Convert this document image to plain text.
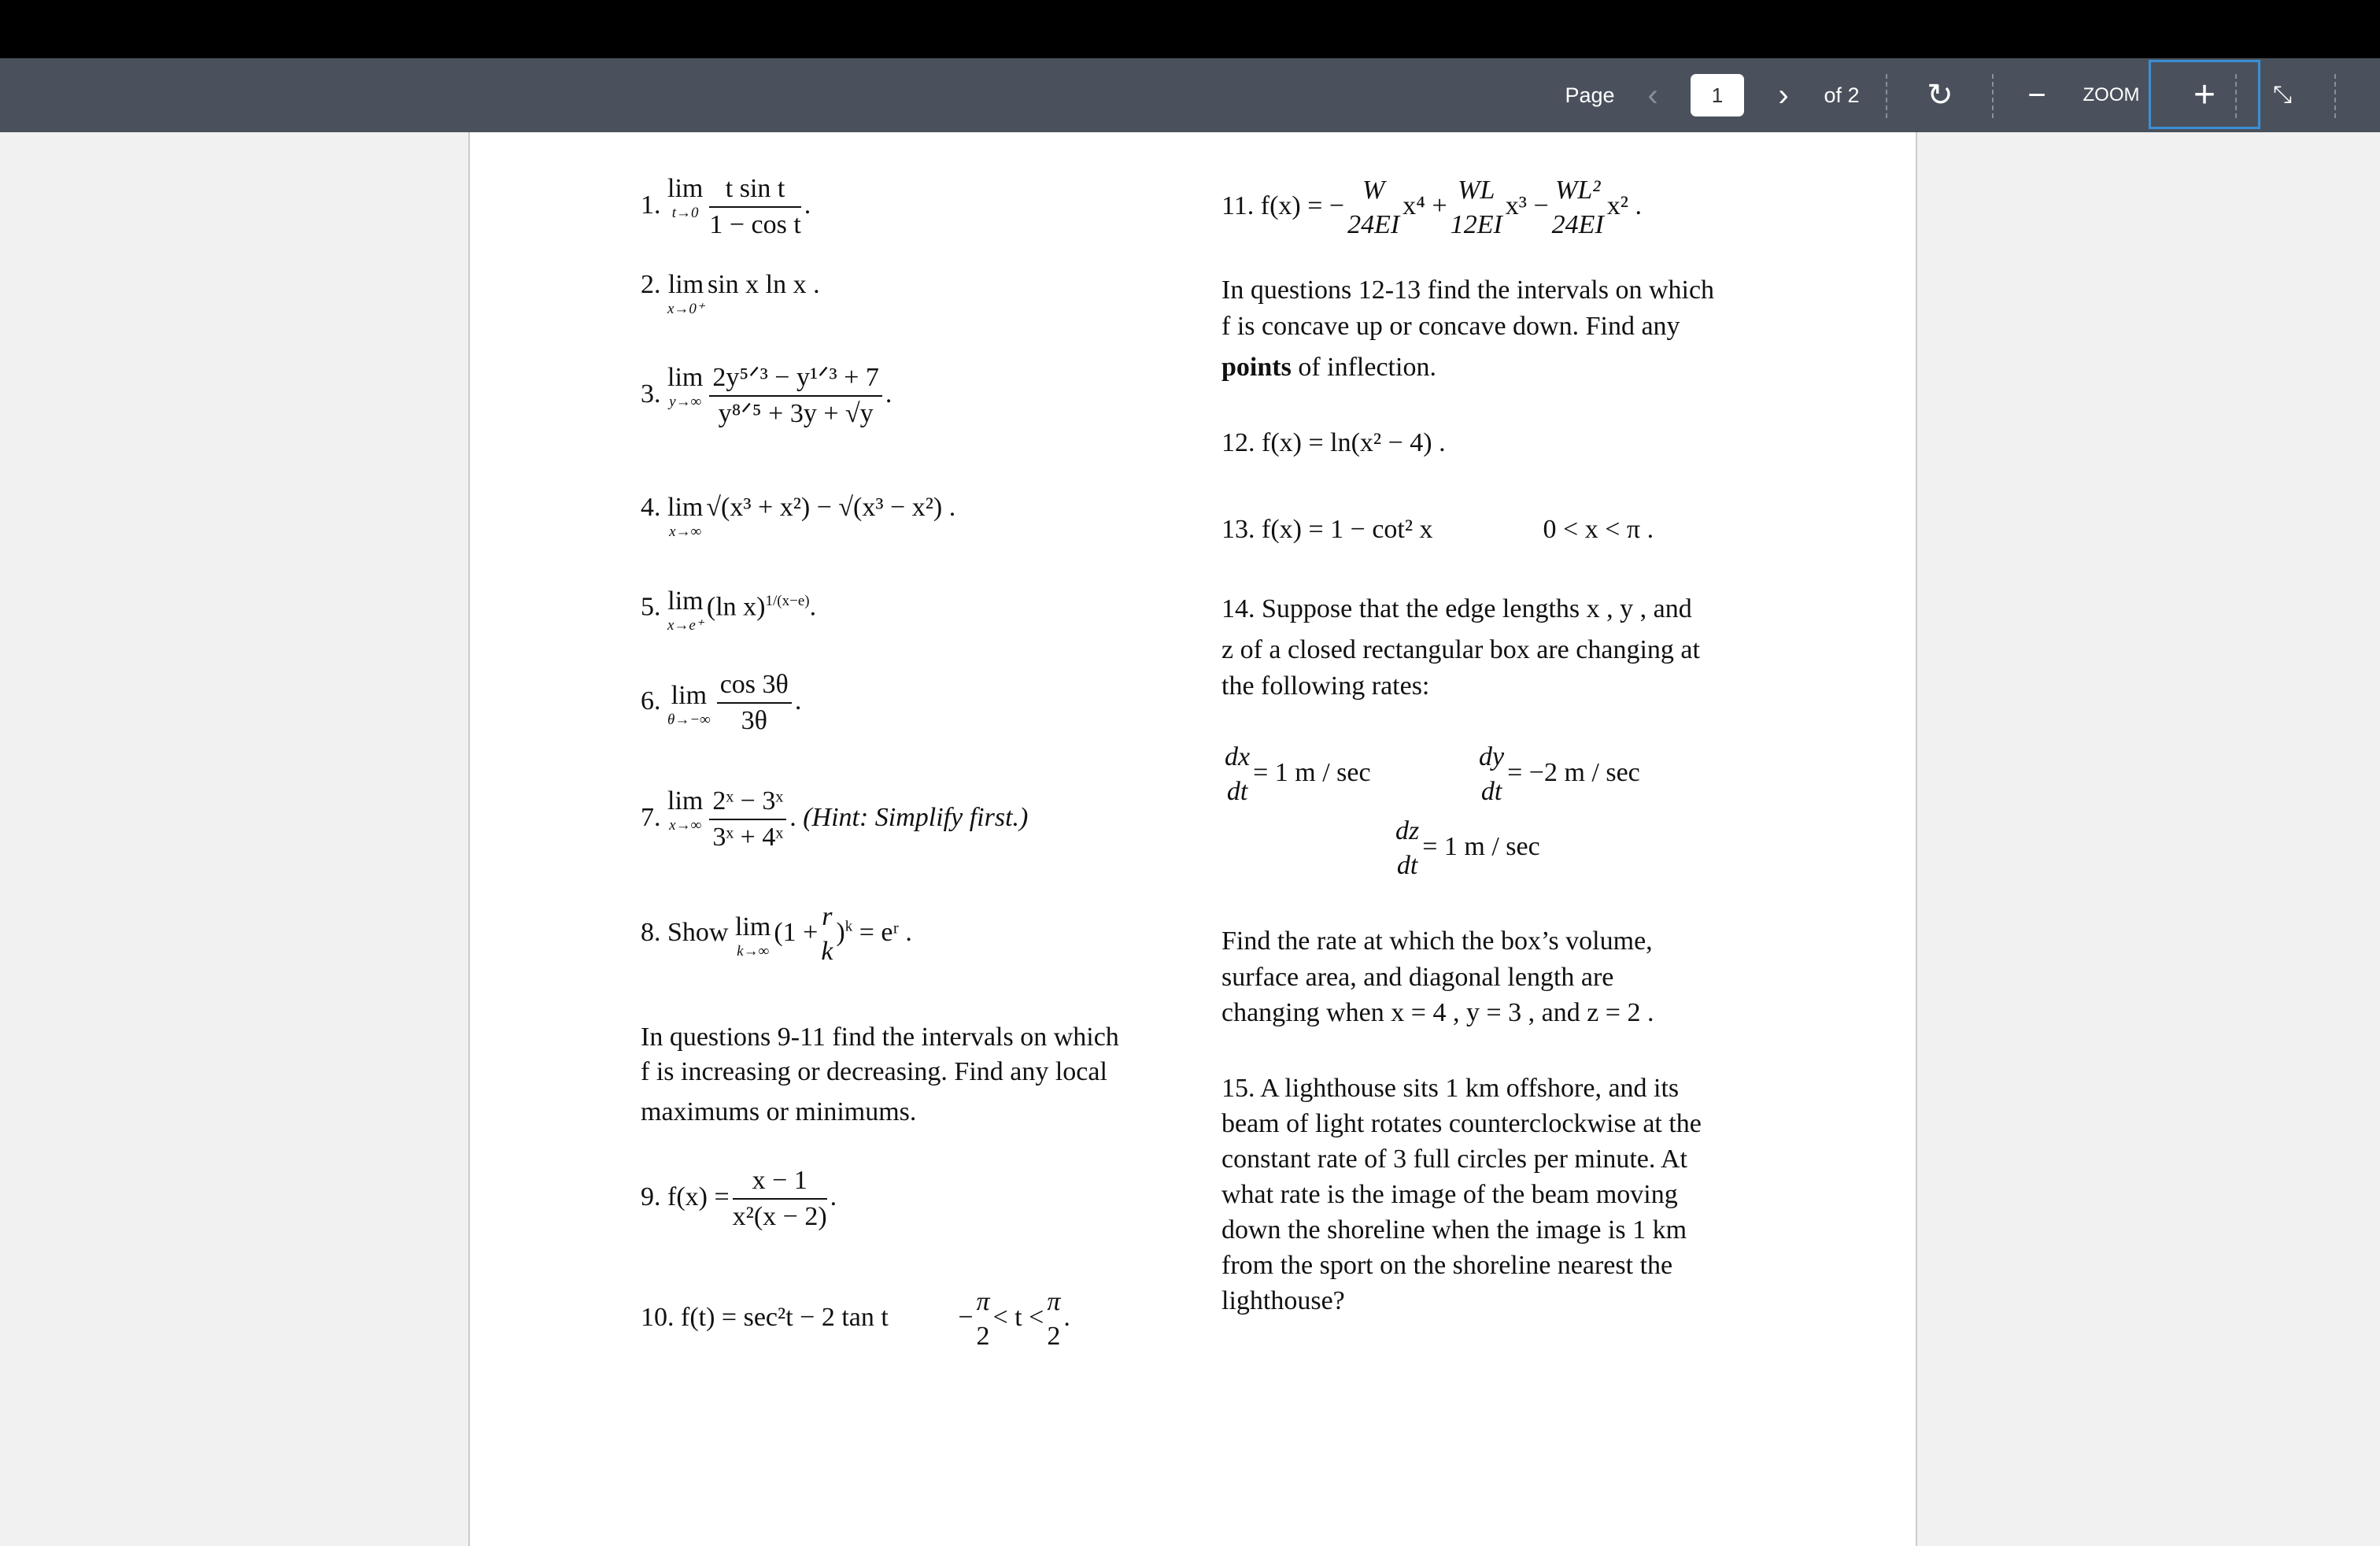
Page	‹	1	›	of 2	↻ −	ZOOM +	⤡
1.
lim
$t\to 0 \frac{\text{t sin t}}{\text{1 − cos t}}$ .
2. lim
x→0⁺
sin x ln x .
3.
lim
$y\to\infty \frac{\text{2y⁵ᐟ³ − y¹ᐟ³ + 7}}{\text{y⁸ᐟ⁵ + 3y + √y}}$ .
4. lim
x→∞
√(x³ + x²) − √(x³ − x²) .
5. lim
x→e⁺
(ln x)$^{1/(x-e)}$.
6. lim
$\theta\to-\infty \frac{\cos 3\theta}{3\theta}$ .
7.
lim
$x\to\infty \frac{\text{2ˣ − 3ˣ}}{\text{3ˣ + 4ˣ}}$ . (Hint: Simplify first.)
8. Show lim
k→∞
(1 +
r
k
)$^k$ = eʳ .
In questions 9-11 find the intervals on which
f is increasing or decreasing. Find any local
maximums or minimums.
9. $f(x) = \frac{x - 1}{\text{x²(x − 2)}}$ .
10. f(t) = sec²t − 2 tan t	−
π
2
< t <
π
2
.
11. f(x) = −
W
24EI
x⁴ +
WL
12EI
x³ −
WL²
24EI
x² .
In questions 12-13 find the intervals on which
f is concave up or concave down. Find any
points of inflection.
12. f(x) = ln(x² − 4) .
13. f(x) = 1 − cot² x	0 < x < π .
14. Suppose that the edge lengths x , y , and
z of a closed rectangular box are changing at
the following rates:
dx
dt
= 1 m / sec
dy
dt
= −2 m / sec
dz
dt
= 1 m / sec
Find the rate at which the box’s volume,
surface area, and diagonal length are
changing when x = 4 , y = 3 , and z = 2 .
15. A lighthouse sits 1 km offshore, and its
beam of light rotates counterclockwise at the
constant rate of 3 full circles per minute. At
what rate is the image of the beam moving
down the shoreline when the image is 1 km
from the sport on the shoreline nearest the
lighthouse?
